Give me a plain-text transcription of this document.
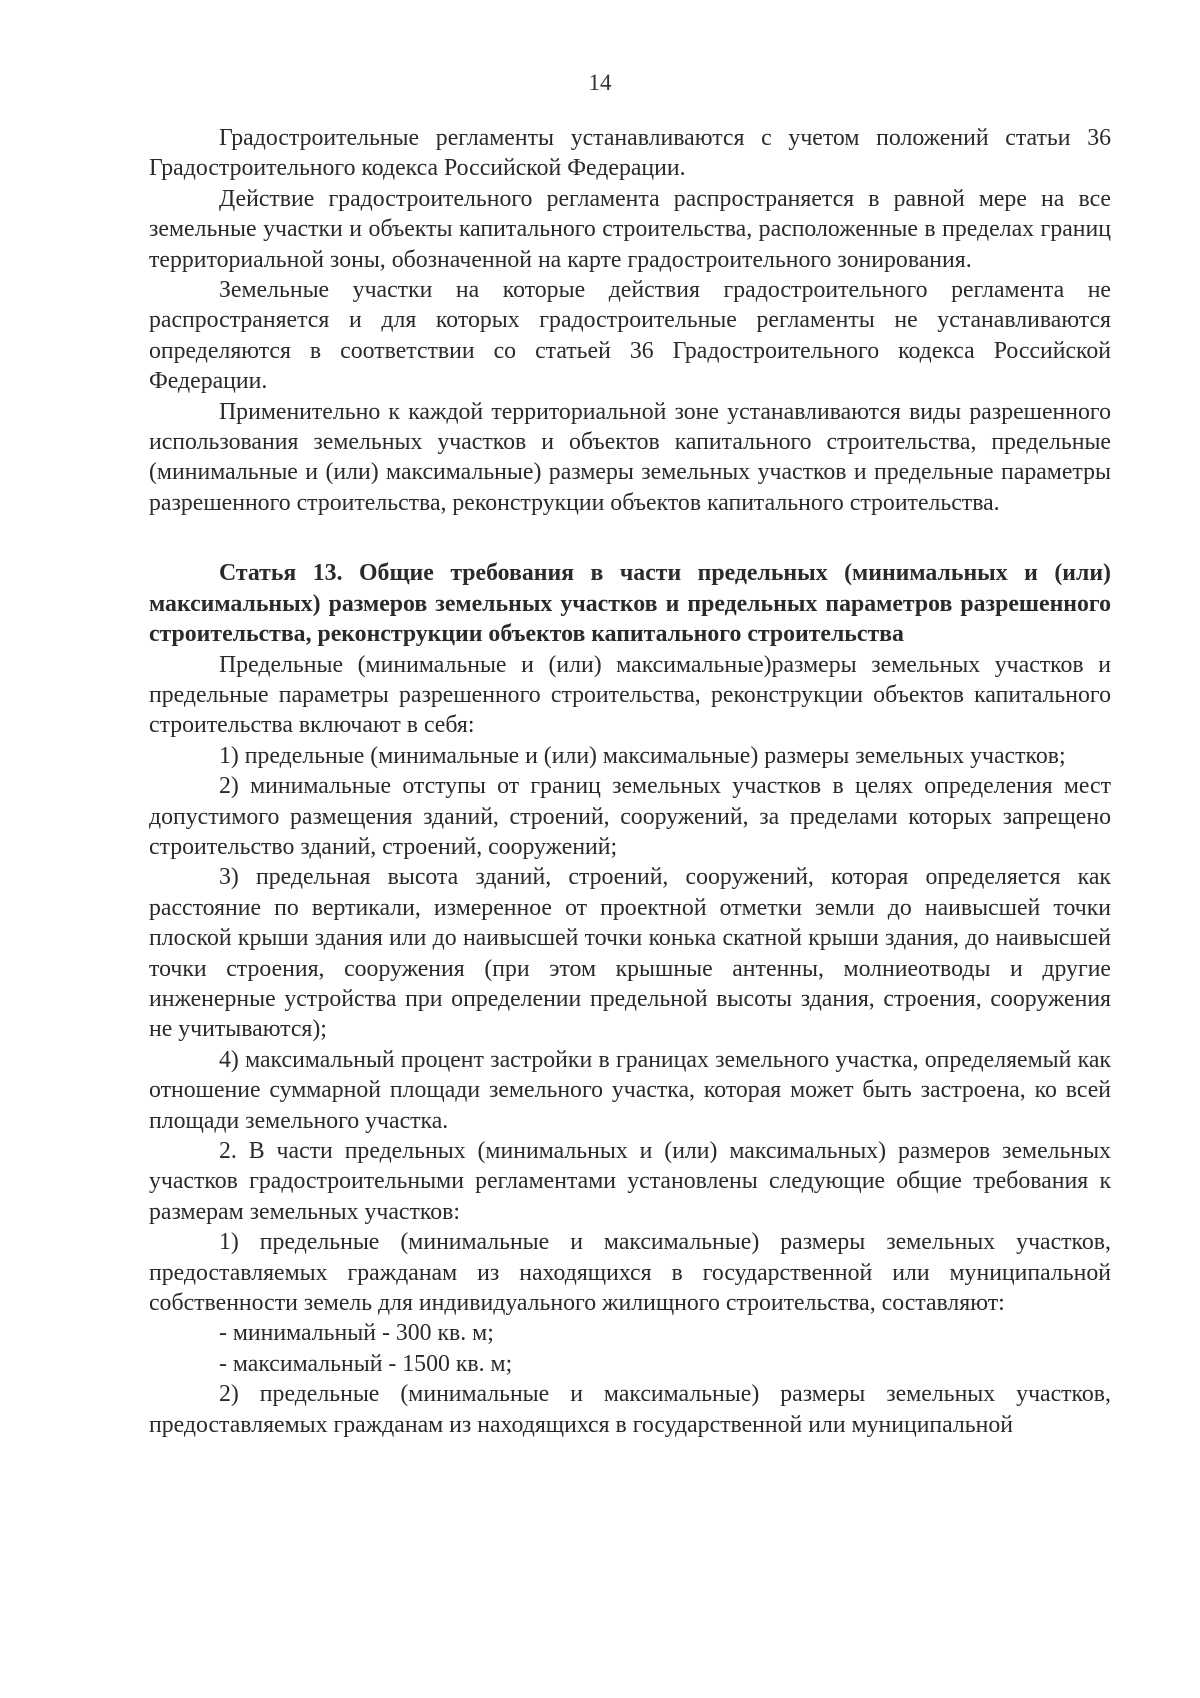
14

Градостроительные регламенты устанавливаются с учетом положений статьи 36 Градостроительного кодекса Российской Федерации.

Действие градостроительного регламента распространяется в равной мере на все земельные участки и объекты капитального строительства, расположенные в пределах границ территориальной зоны, обозначенной на карте градостроительного зонирования.

Земельные участки на которые действия градостроительного регламента не распространяется и для которых градостроительные регламенты не устанавливаются определяются в соответствии со статьей 36 Градостроительного кодекса Российской Федерации.

Применительно к каждой территориальной зоне устанавливаются виды разрешенного использования земельных участков и объектов капитального строительства, предельные (минимальные и (или) максимальные) размеры земельных участков и предельные параметры разрешенного строительства, реконструкции объектов капитального строительства.

Статья 13. Общие требования в части предельных (минимальных и (или) максимальных) размеров земельных участков и предельных параметров разрешенного строительства, реконструкции объектов капитального строительства

Предельные (минимальные и (или) максимальные)размеры земельных участков и предельные параметры разрешенного строительства, реконструкции объектов капитального строительства включают в себя:

1) предельные (минимальные и (или) максимальные) размеры земельных участков;

2) минимальные отступы от границ земельных участков в целях определения мест допустимого размещения зданий, строений, сооружений, за пределами которых запрещено строительство зданий, строений, сооружений;

3) предельная высота зданий, строений, сооружений, которая определяется как расстояние по вертикали, измеренное от проектной отметки земли до наивысшей точки плоской крыши здания или до наивысшей точки конька скатной крыши здания, до наивысшей точки строения, сооружения (при этом крышные антенны, молниеотводы и другие инженерные устройства при определении предельной высоты здания, строения, сооружения не учитываются);

4) максимальный процент застройки в границах земельного участка, определяемый как отношение суммарной площади земельного участка, которая может быть застроена, ко всей площади земельного участка.

2. В части предельных (минимальных и (или) максимальных) размеров земельных участков градостроительными регламентами установлены следующие общие требования к размерам земельных участков:

1) предельные (минимальные и максимальные) размеры земельных участков, предоставляемых гражданам из находящихся в государственной или муниципальной собственности земель для индивидуального жилищного строительства, составляют:

- минимальный - 300 кв. м;

- максимальный - 1500 кв. м;

2) предельные (минимальные и максимальные) размеры земельных участков, предоставляемых гражданам из находящихся в государственной или муниципальной
